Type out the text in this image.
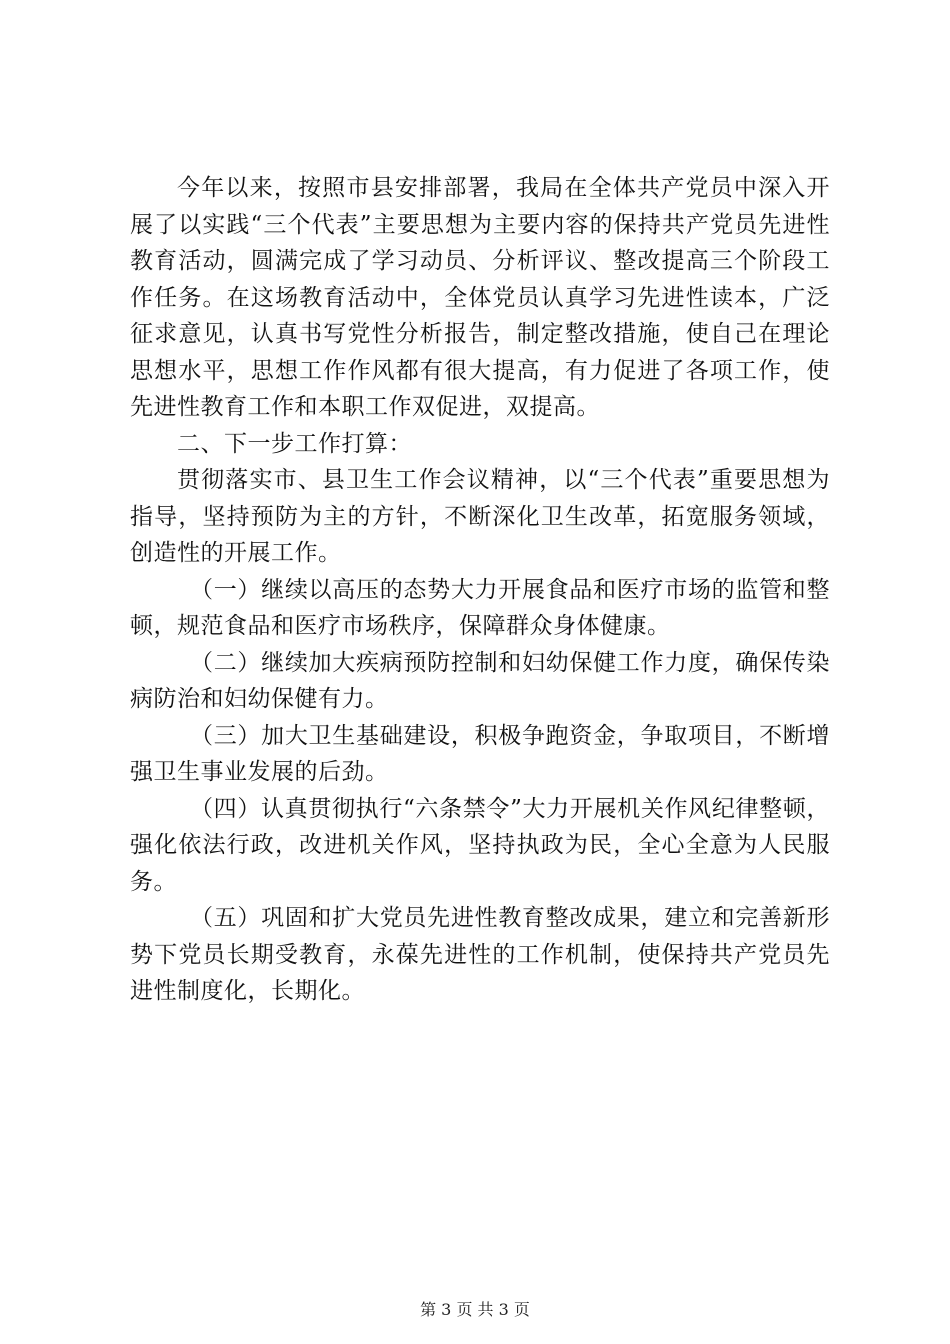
今年以来，按照市县安排部署，我局在全体共产党员中深入开展了以实践“三个代表”主要思想为主要内容的保持共产党员先进性教育活动，圆满完成了学习动员、分析评议、整改提高三个阶段工作任务。在这场教育活动中，全体党员认真学习先进性读本，广泛征求意见，认真书写党性分析报告，制定整改措施，使自己在理论思想水平，思想工作作风都有很大提高，有力促进了各项工作，使先进性教育工作和本职工作双促进，双提高。

二、下一步工作打算：

贯彻落实市、县卫生工作会议精神，以“三个代表”重要思想为指导，坚持预防为主的方针，不断深化卫生改革，拓宽服务领域，创造性的开展工作。

（一）继续以高压的态势大力开展食品和医疗市场的监管和整顿，规范食品和医疗市场秩序，保障群众身体健康。

（二）继续加大疾病预防控制和妇幼保健工作力度，确保传染病防治和妇幼保健有力。

（三）加大卫生基础建设，积极争跑资金，争取项目，不断增强卫生事业发展的后劲。

（四）认真贯彻执行“六条禁令”大力开展机关作风纪律整顿，强化依法行政，改进机关作风，坚持执政为民，全心全意为人民服务。

（五）巩固和扩大党员先进性教育整改成果，建立和完善新形势下党员长期受教育，永葆先进性的工作机制，使保持共产党员先进性制度化，长期化。

第 3 页 共 3 页
